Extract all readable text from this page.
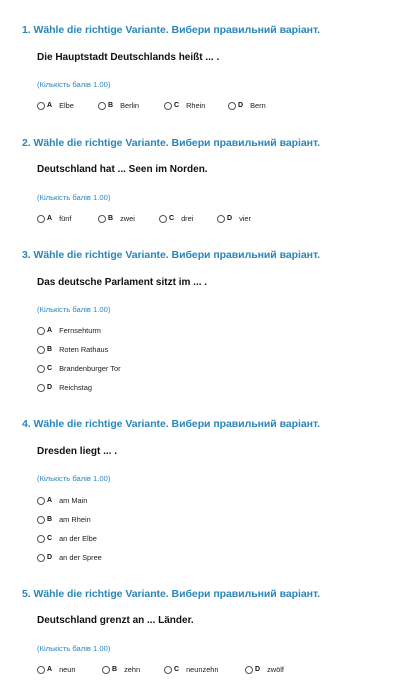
1. Wähle die richtige Variante. Вибери правильний варіант.
Die Hauptstadt Deutschlands heißt ... .
(Кількість балів 1.00)
A Elbe	B Berlin	C Rhein	D Bern
2. Wähle die richtige Variante. Вибери правильний варіант.
Deutschland hat ... Seen im Norden.
(Кількість балів 1.00)
A fünf	B zwei	C drei	D vier
3. Wähle die richtige Variante. Вибери правильний варіант.
Das deutsche Parlament sitzt im ... .
(Кількість балів 1.00)
A Fernsehturm
B Roten Rathaus
C Brandenburger Tor
D Reichstag
4. Wähle die richtige Variante. Вибери правильний варіант.
Dresden liegt ... .
(Кількість балів 1.00)
A am Main
B am Rhein
C an der Elbe
D an der Spree
5. Wähle die richtige Variante. Вибери правильний варіант.
Deutschland grenzt an ... Länder.
(Кількість балів 1.00)
A neun	B zehn	C neunzehn	D zwölf
